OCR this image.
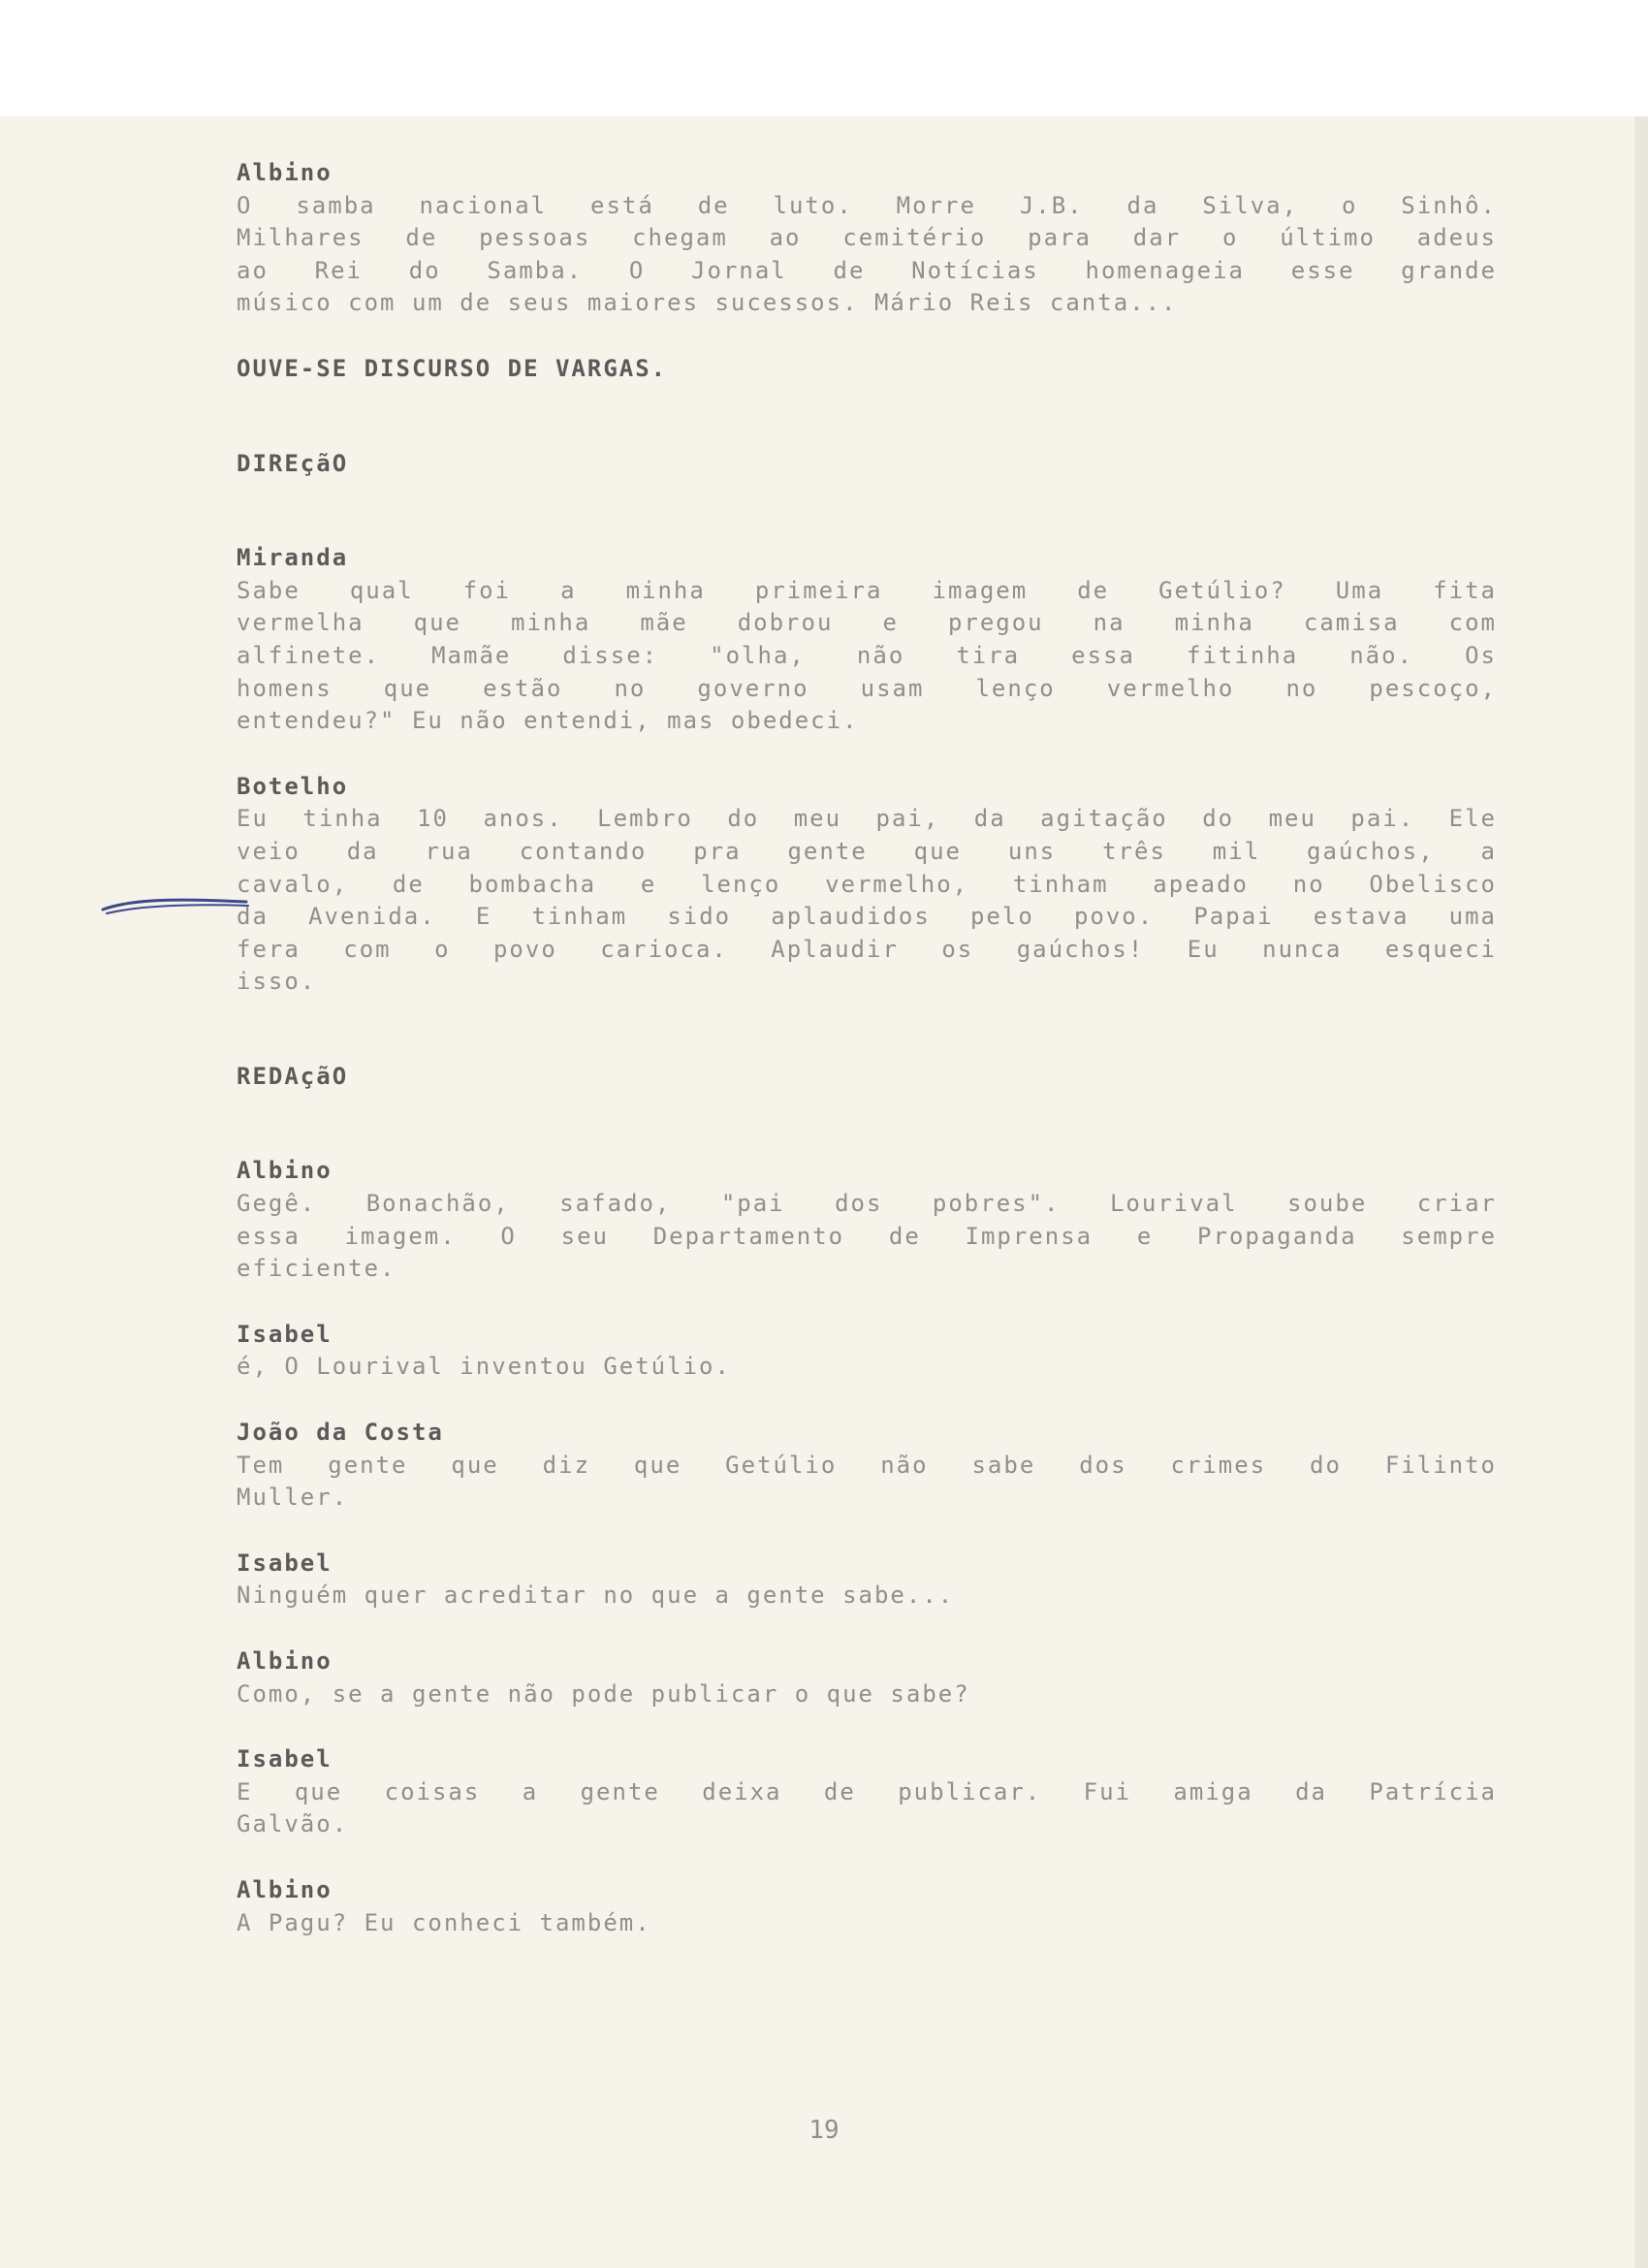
Albino
O samba nacional está de luto. Morre J.B. da Silva, o Sinhô.
Milhares de pessoas chegam ao cemitério para dar o último adeus
ao Rei do Samba. O Jornal de Notícias homenageia esse grande
músico com um de seus maiores sucessos. Mário Reis canta...
OUVE-SE DISCURSO DE VARGAS.
DIREçãO
Miranda
Sabe qual foi a minha primeira imagem de Getúlio? Uma fita
vermelha que minha mãe dobrou e pregou na minha camisa com
alfinete. Mamãe disse: "olha, não tira essa fitinha não. Os
homens que estão no governo usam lenço vermelho no pescoço,
entendeu?" Eu não entendi, mas obedeci.
Botelho
Eu tinha 10 anos. Lembro do meu pai, da agitação do meu pai. Ele
veio da rua contando pra gente que uns três mil gaúchos, a
cavalo, de bombacha e lenço vermelho, tinham apeado no Obelisco
da Avenida. E tinham sido aplaudidos pelo povo. Papai estava uma
fera com o povo carioca. Aplaudir os gaúchos! Eu nunca esqueci
isso.
REDAçãO
Albino
Gegê. Bonachão, safado, "pai dos pobres". Lourival soube criar
essa imagem. O seu Departamento de Imprensa e Propaganda sempre
eficiente.
Isabel
é, O Lourival inventou Getúlio.
João da Costa
Tem gente que diz que Getúlio não sabe dos crimes do Filinto
Muller.
Isabel
Ninguém quer acreditar no que a gente sabe...
Albino
Como, se a gente não pode publicar o que sabe?
Isabel
E que coisas a gente deixa de publicar. Fui amiga da Patrícia
Galvão.
Albino
A Pagu? Eu conheci também.
19
